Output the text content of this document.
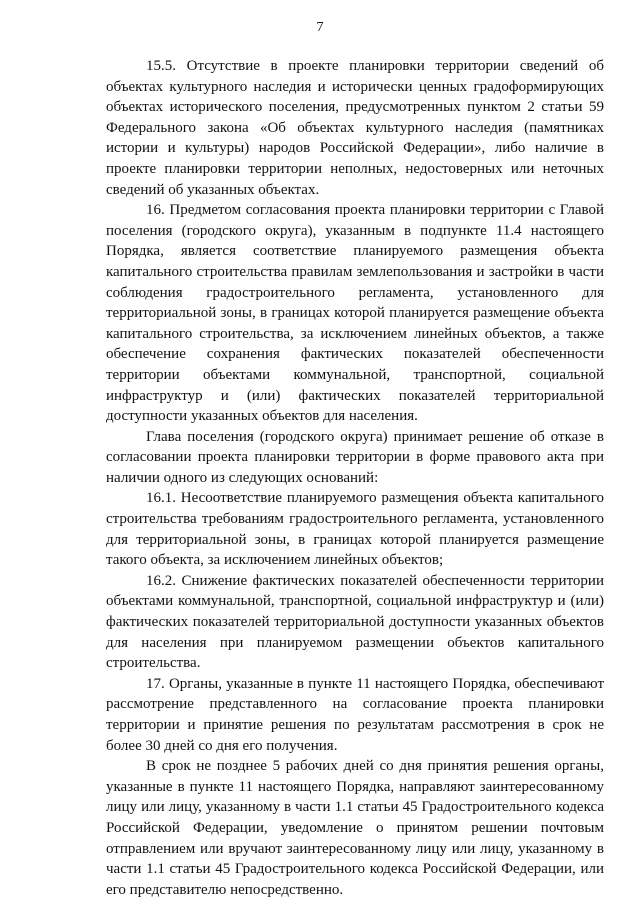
7

15.5. Отсутствие в проекте планировки территории сведений об объектах культурного наследия и исторически ценных градоформирующих объектах исторического поселения, предусмотренных пунктом 2 статьи 59 Федерального закона «Об объектах культурного наследия (памятниках истории и культуры) народов Российской Федерации», либо наличие в проекте планировки территории неполных, недостоверных или неточных сведений об указанных объектах.

16. Предметом согласования проекта планировки территории с Главой поселения (городского округа), указанным в подпункте 11.4 настоящего Порядка, является соответствие планируемого размещения объекта капитального строительства правилам землепользования и застройки в части соблюдения градостроительного регламента, установленного для территориальной зоны, в границах которой планируется размещение объекта капитального строительства, за исключением линейных объектов, а также обеспечение сохранения фактических показателей обеспеченности территории объектами коммунальной, транспортной, социальной инфраструктур и (или) фактических показателей территориальной доступности указанных объектов для населения.

Глава поселения (городского округа) принимает решение об отказе в согласовании проекта планировки территории в форме правового акта при наличии одного из следующих оснований:

16.1. Несоответствие планируемого размещения объекта капитального строительства требованиям градостроительного регламента, установленного для территориальной зоны, в границах которой планируется размещение такого объекта, за исключением линейных объектов;

16.2. Снижение фактических показателей обеспеченности территории объектами коммунальной, транспортной, социальной инфраструктур и (или) фактических показателей территориальной доступности указанных объектов для населения при планируемом размещении объектов капитального строительства.

17. Органы, указанные в пункте 11 настоящего Порядка, обеспечивают рассмотрение представленного на согласование проекта планировки территории и принятие решения по результатам рассмотрения в срок не более 30 дней со дня его получения.

В срок не позднее 5 рабочих дней со дня принятия решения органы, указанные в пункте 11 настоящего Порядка, направляют заинтересованному лицу или лицу, указанному в части 1.1 статьи 45 Градостроительного кодекса Российской Федерации, уведомление о принятом решении почтовым отправлением или вручают заинтересованному лицу или лицу, указанному в части 1.1 статьи 45 Градостроительного кодекса Российской Федерации, или его представителю непосредственно.
